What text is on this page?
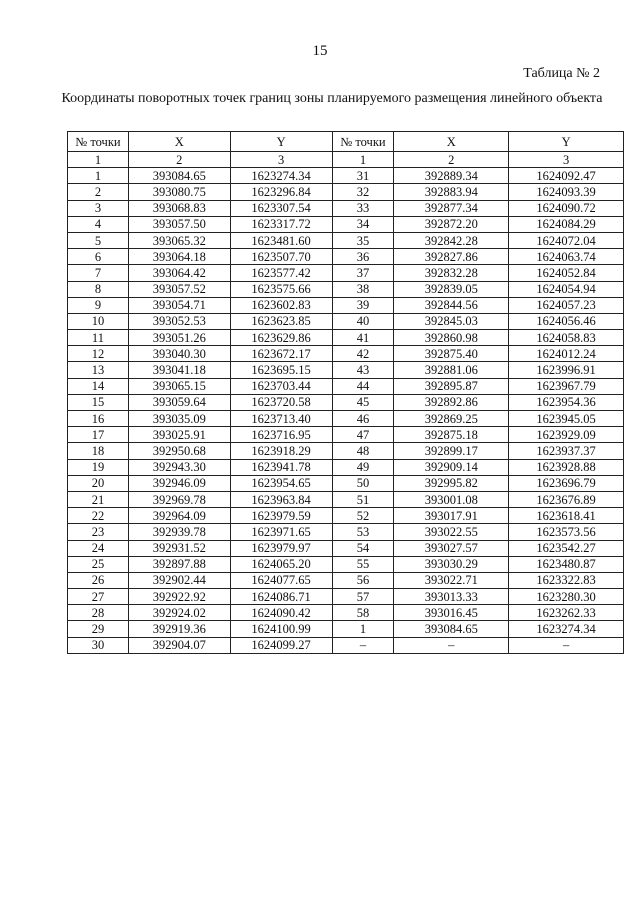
15
Таблица № 2
Координаты поворотных точек границ зоны планируемого размещения линейного объекта
№ точки	X	Y	№ точки	X	Y
1	2	3	1	2	3
1	393084.65	1623274.34	31	392889.34	1624092.47
2	393080.75	1623296.84	32	392883.94	1624093.39
3	393068.83	1623307.54	33	392877.34	1624090.72
4	393057.50	1623317.72	34	392872.20	1624084.29
5	393065.32	1623481.60	35	392842.28	1624072.04
6	393064.18	1623507.70	36	392827.86	1624063.74
7	393064.42	1623577.42	37	392832.28	1624052.84
8	393057.52	1623575.66	38	392839.05	1624054.94
9	393054.71	1623602.83	39	392844.56	1624057.23
10	393052.53	1623623.85	40	392845.03	1624056.46
11	393051.26	1623629.86	41	392860.98	1624058.83
12	393040.30	1623672.17	42	392875.40	1624012.24
13	393041.18	1623695.15	43	392881.06	1623996.91
14	393065.15	1623703.44	44	392895.87	1623967.79
15	393059.64	1623720.58	45	392892.86	1623954.36
16	393035.09	1623713.40	46	392869.25	1623945.05
17	393025.91	1623716.95	47	392875.18	1623929.09
18	392950.68	1623918.29	48	392899.17	1623937.37
19	392943.30	1623941.78	49	392909.14	1623928.88
20	392946.09	1623954.65	50	392995.82	1623696.79
21	392969.78	1623963.84	51	393001.08	1623676.89
22	392964.09	1623979.59	52	393017.91	1623618.41
23	392939.78	1623971.65	53	393022.55	1623573.56
24	392931.52	1623979.97	54	393027.57	1623542.27
25	392897.88	1624065.20	55	393030.29	1623480.87
26	392902.44	1624077.65	56	393022.71	1623322.83
27	392922.92	1624086.71	57	393013.33	1623280.30
28	392924.02	1624090.42	58	393016.45	1623262.33
29	392919.36	1624100.99	1	393084.65	1623274.34
30	392904.07	1624099.27	–	–	–
